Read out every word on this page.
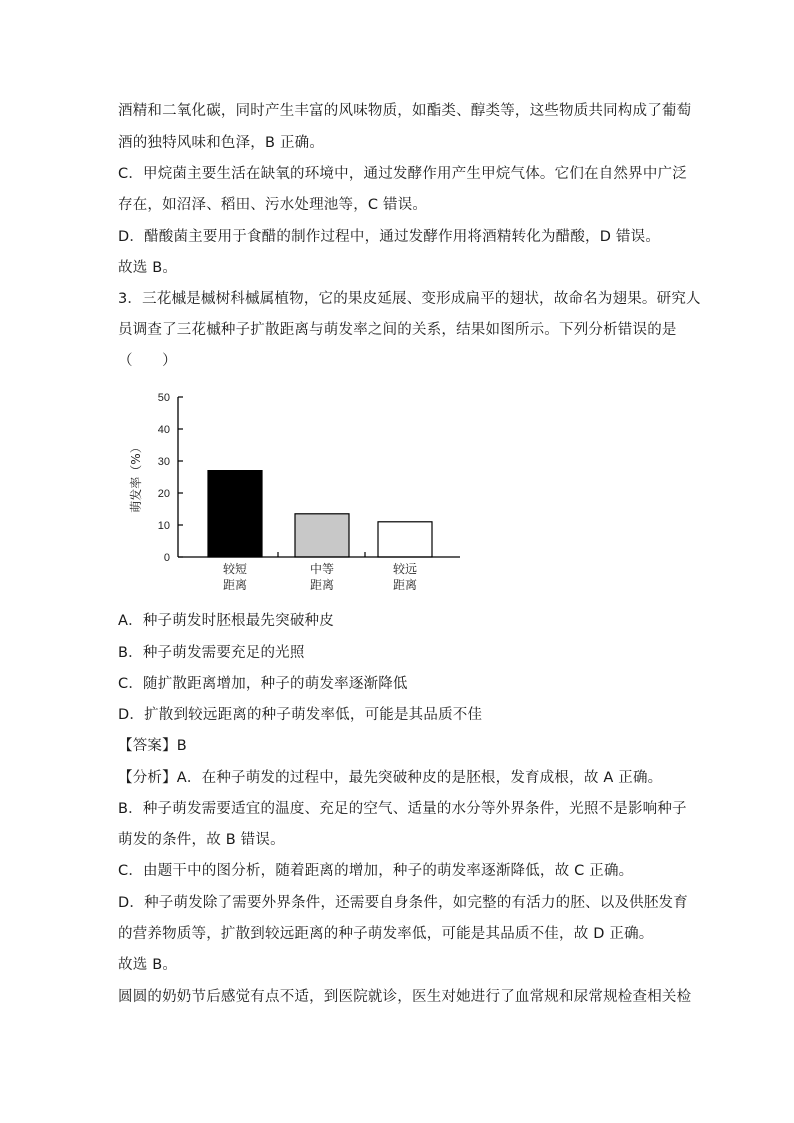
酒精和二氧化碳，同时产生丰富的风味物质，如酯类、醇类等，这些物质共同构成了葡萄
酒的独特风味和色泽，B 正确。
C．甲烷菌主要生活在缺氧的环境中，通过发酵作用产生甲烷气体。它们在自然界中广泛
存在，如沼泽、稻田、污水处理池等，C 错误。
D．醋酸菌主要用于食醋的制作过程中，通过发酵作用将酒精转化为醋酸，D 错误。
故选 B。
3．三花槭是槭树科槭属植物，它的果皮延展、变形成扁平的翅状，故命名为翅果。研究人
员调查了三花槭种子扩散距离与萌发率之间的关系，结果如图所示。下列分析错误的是
（　　）
0
10
20
30
40
50
较短
距离
中等
距离
较远
距离
萌发率（%）
A．种子萌发时胚根最先突破种皮
B．种子萌发需要充足的光照
C．随扩散距离增加，种子的萌发率逐渐降低
D．扩散到较远距离的种子萌发率低，可能是其品质不佳
【答案】B
【分析】A．在种子萌发的过程中，最先突破种皮的是胚根，发育成根，故 A 正确。
B．种子萌发需要适宜的温度、充足的空气、适量的水分等外界条件，光照不是影响种子
萌发的条件，故 B 错误。
C．由题干中的图分析，随着距离的增加，种子的萌发率逐渐降低，故 C 正确。
D．种子萌发除了需要外界条件，还需要自身条件，如完整的有活力的胚、以及供胚发育
的营养物质等，扩散到较远距离的种子萌发率低，可能是其品质不佳，故 D 正确。
故选 B。
圆圆的奶奶节后感觉有点不适，到医院就诊，医生对她进行了血常规和尿常规检查相关检
